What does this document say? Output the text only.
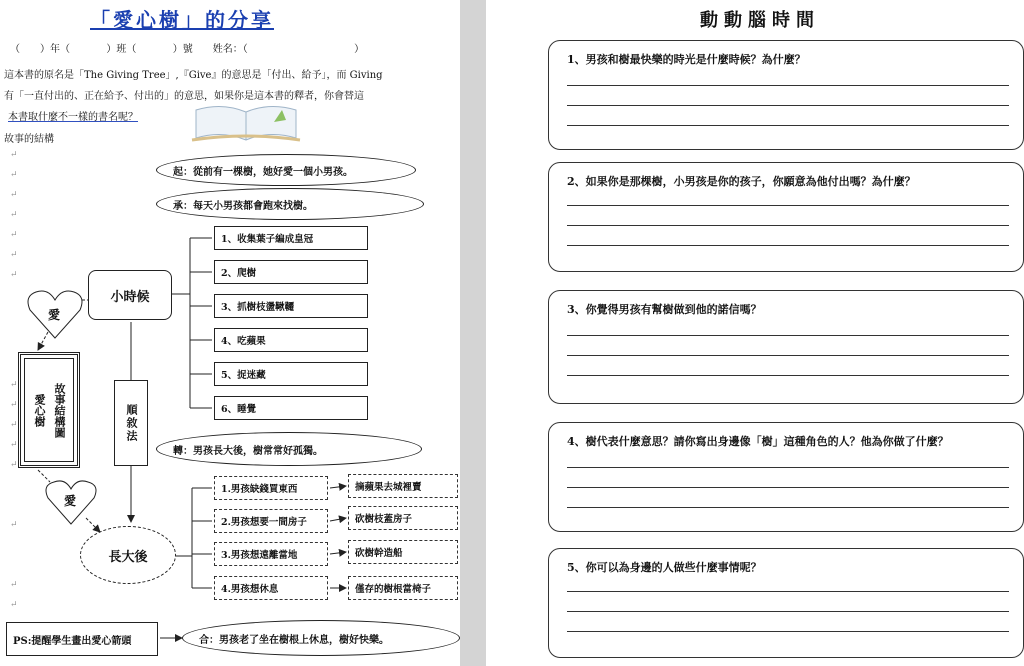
「愛心樹」的分享
（　　）年（	）班（	）號　　姓名：（	）
這本書的原名是「The Giving Tree」,『Give』的意思是「付出、給予」，而 Giving
有「一直付出的、正在給予、付出的」的意思，如果你是這本書的釋者，你會替這
本書取什麼不一樣的書名呢？
故事的結構
↵
↵
↵
↵
↵
↵
↵
↵
↵
↵
↵
↵
↵
↵
↵
起：從前有一棵樹，她好愛一個小男孩。
承：每天小男孩都會跑來找樹。
轉：男孩長大後，樹常常好孤獨。
合：男孩老了坐在樹根上休息，樹好快樂。
小時候
1、收集葉子編成皇冠
2、爬樹
3、抓樹枝盪鞦韆
4、吃蘋果
5、捉迷藏
6、睡覺
順敘法
愛
愛
故事結構圖
愛心樹
長大後
1.男孩缺錢買東西
2.男孩想要一間房子
3.男孩想遠離當地
4.男孩想休息
摘蘋果去城裡賣
砍樹枝蓋房子
砍樹幹造船
僅存的樹根當椅子
PS:提醒學生畫出愛心箭頭
動動腦時間
1、男孩和樹最快樂的時光是什麼時候？為什麼？
2、如果你是那棵樹，小男孩是你的孩子，你願意為他付出嗎？為什麼？
3、你覺得男孩有幫樹做到他的諾信嗎？
4、樹代表什麼意思？請你寫出身邊像「樹」這種角色的人？他為你做了什麼？
5、你可以為身邊的人做些什麼事情呢？
